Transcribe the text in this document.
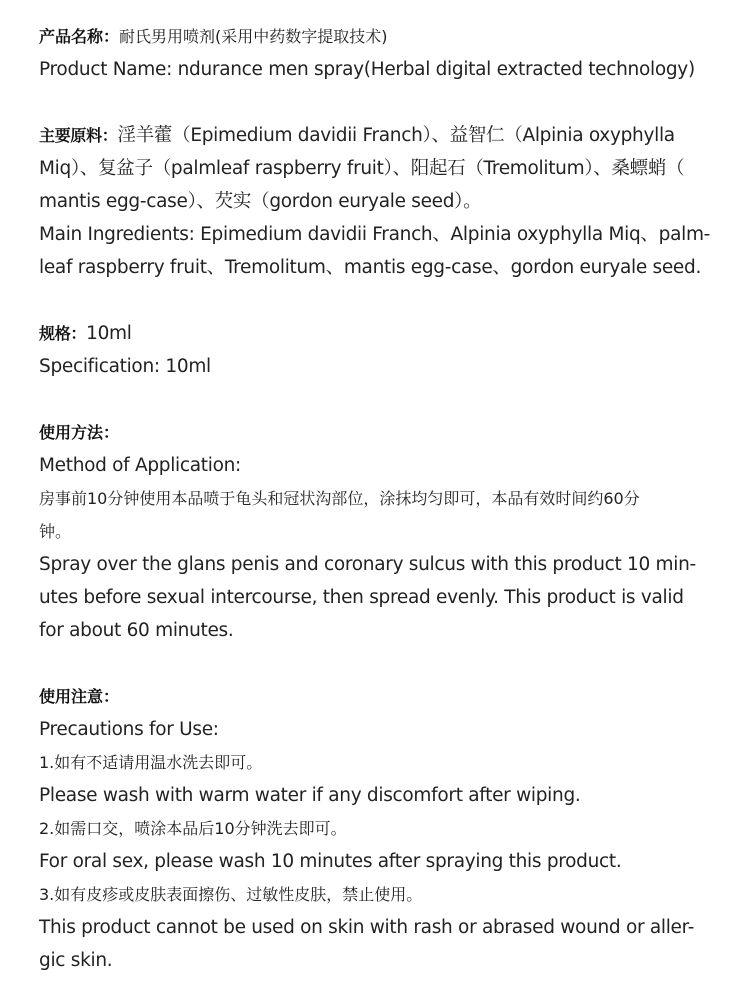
产品名称：耐氏男用喷剂(采用中药数字提取技术)
Product Name: ndurance men spray(Herbal digital extracted technology)
主要原料：淫羊藿（Epimedium davidii Franch）、益智仁（Alpinia oxyphylla
Miq）、复盆子（palmleaf raspberry fruit）、阳起石（Tremolitum）、桑螵蛸（
mantis egg-case）、芡实（gordon euryale seed）。
Main Ingredients: Epimedium davidii Franch、Alpinia oxyphylla Miq、palm-
leaf raspberry fruit、Tremolitum、mantis egg-case、gordon euryale seed.
规格：10ml
Specification: 10ml
使用方法：
Method of Application:
房事前10分钟使用本品喷于龟头和冠状沟部位，涂抹均匀即可，本品有效时间约60分
钟。
Spray over the glans penis and coronary sulcus with this product 10 min-
utes before sexual intercourse, then spread evenly. This product is valid
for about 60 minutes.
使用注意：
Precautions for Use:
1.如有不适请用温水洗去即可。
Please wash with warm water if any discomfort after wiping.
2.如需口交，喷涂本品后10分钟洗去即可。
For oral sex, please wash 10 minutes after spraying this product.
3.如有皮疹或皮肤表面擦伤、过敏性皮肤，禁止使用。
This product cannot be used on skin with rash or abrased wound or aller-
gic skin.
